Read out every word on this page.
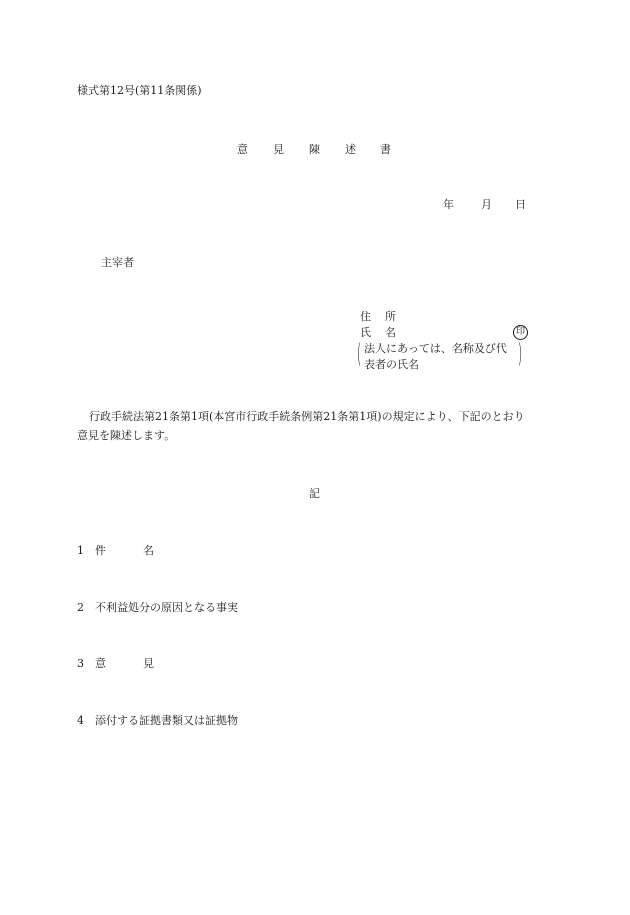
様式第12号(第11条関係)
意 見 陳 述 書
年 月 日
主宰者
住 所
氏 名	印
( 法人にあっては、名称及び代
表者の氏名	)
行政手続法第21条第1項(本宮市行政手続条例第21条第1項)の規定により、下記のとおり
意見を陳述します。
記
1 件	名
2 不利益処分の原因となる事実
3 意	見
4 添付する証拠書類又は証拠物
